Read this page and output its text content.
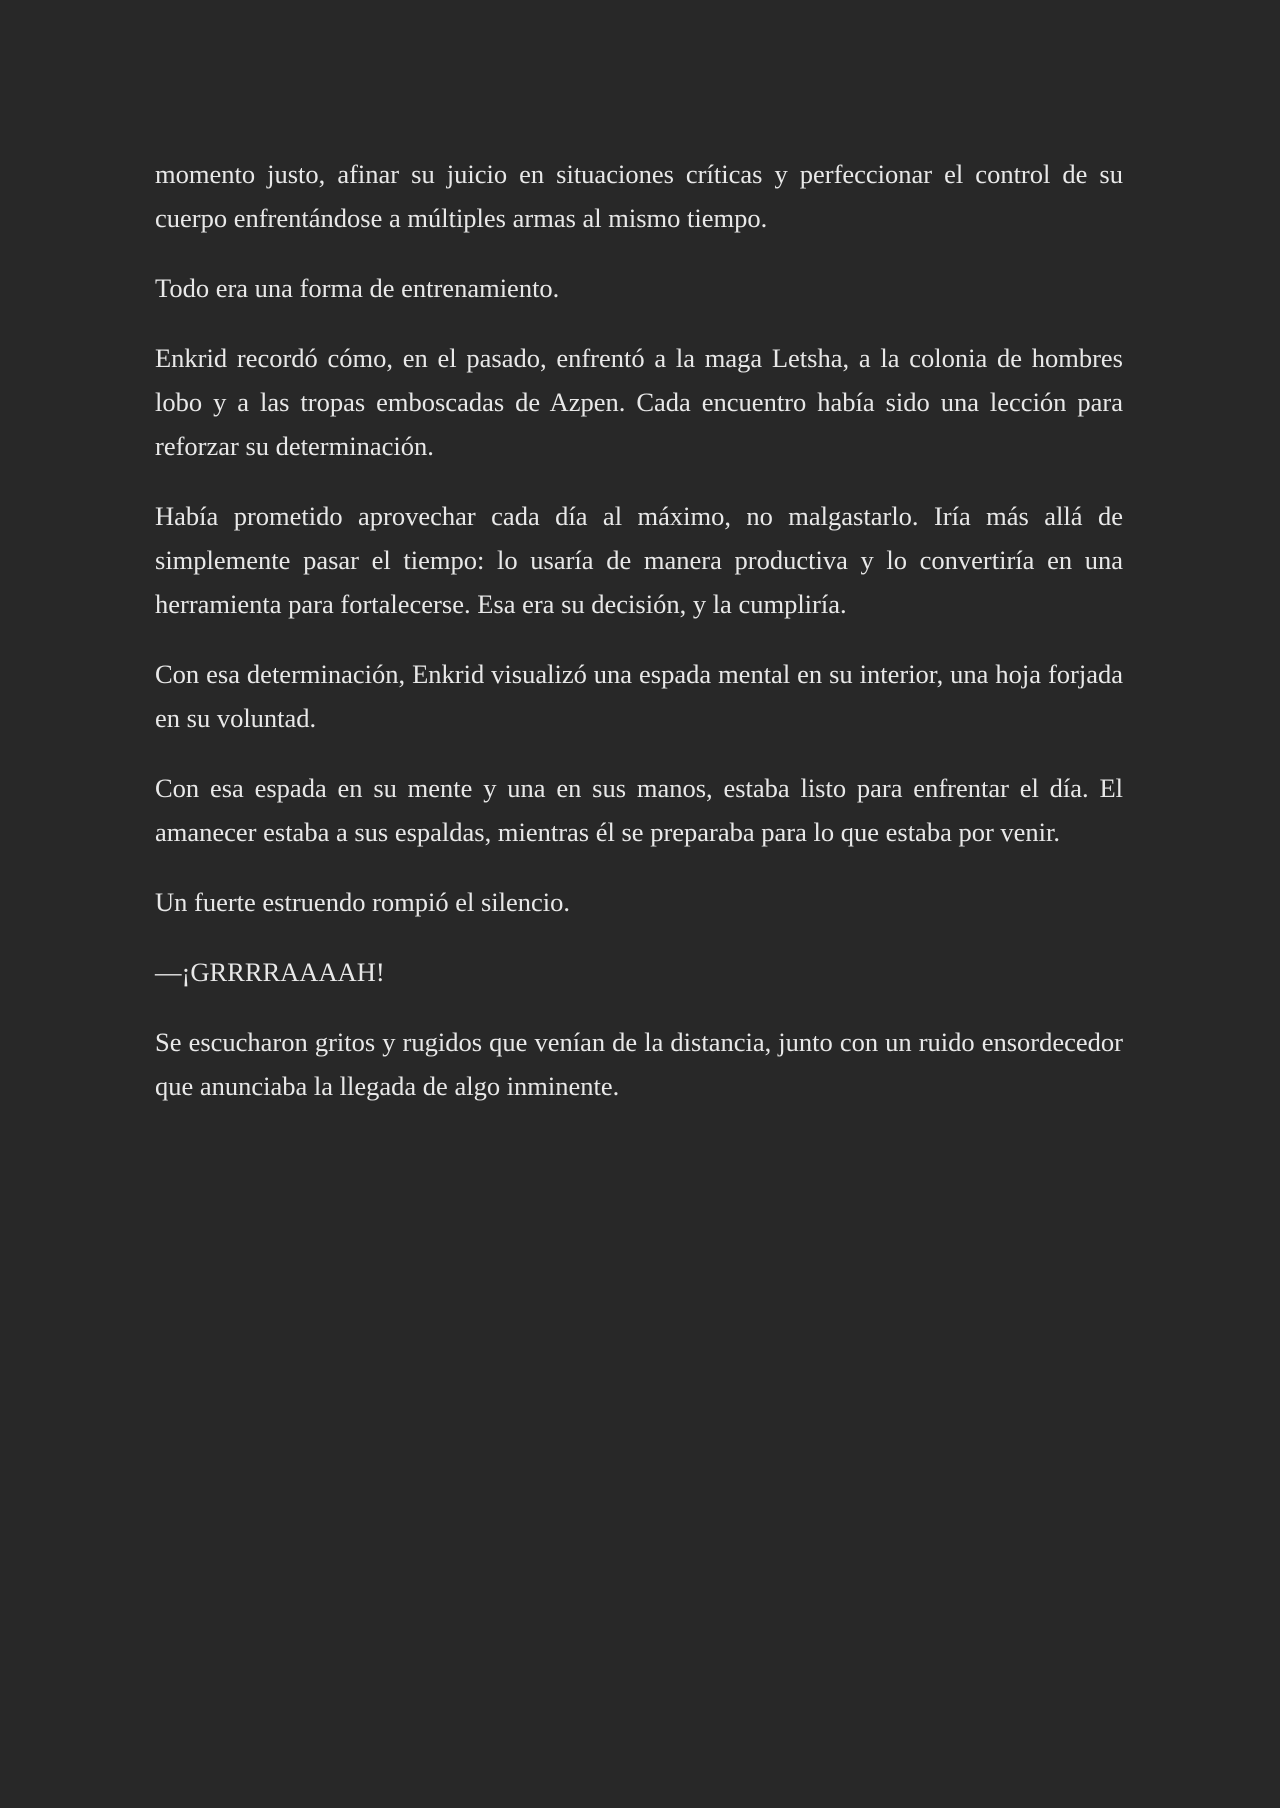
momento justo, afinar su juicio en situaciones críticas y perfeccionar el control de su cuerpo enfrentándose a múltiples armas al mismo tiempo.

Todo era una forma de entrenamiento.

Enkrid recordó cómo, en el pasado, enfrentó a la maga Letsha, a la colonia de hombres lobo y a las tropas emboscadas de Azpen. Cada encuentro había sido una lección para reforzar su determinación.

Había prometido aprovechar cada día al máximo, no malgastarlo. Iría más allá de simplemente pasar el tiempo: lo usaría de manera productiva y lo convertiría en una herramienta para fortalecerse. Esa era su decisión, y la cumpliría.

Con esa determinación, Enkrid visualizó una espada mental en su interior, una hoja forjada en su voluntad.

Con esa espada en su mente y una en sus manos, estaba listo para enfrentar el día. El amanecer estaba a sus espaldas, mientras él se preparaba para lo que estaba por venir.

Un fuerte estruendo rompió el silencio.

—¡GRRRRAAAAH!

Se escucharon gritos y rugidos que venían de la distancia, junto con un ruido ensordecedor que anunciaba la llegada de algo inminente.
